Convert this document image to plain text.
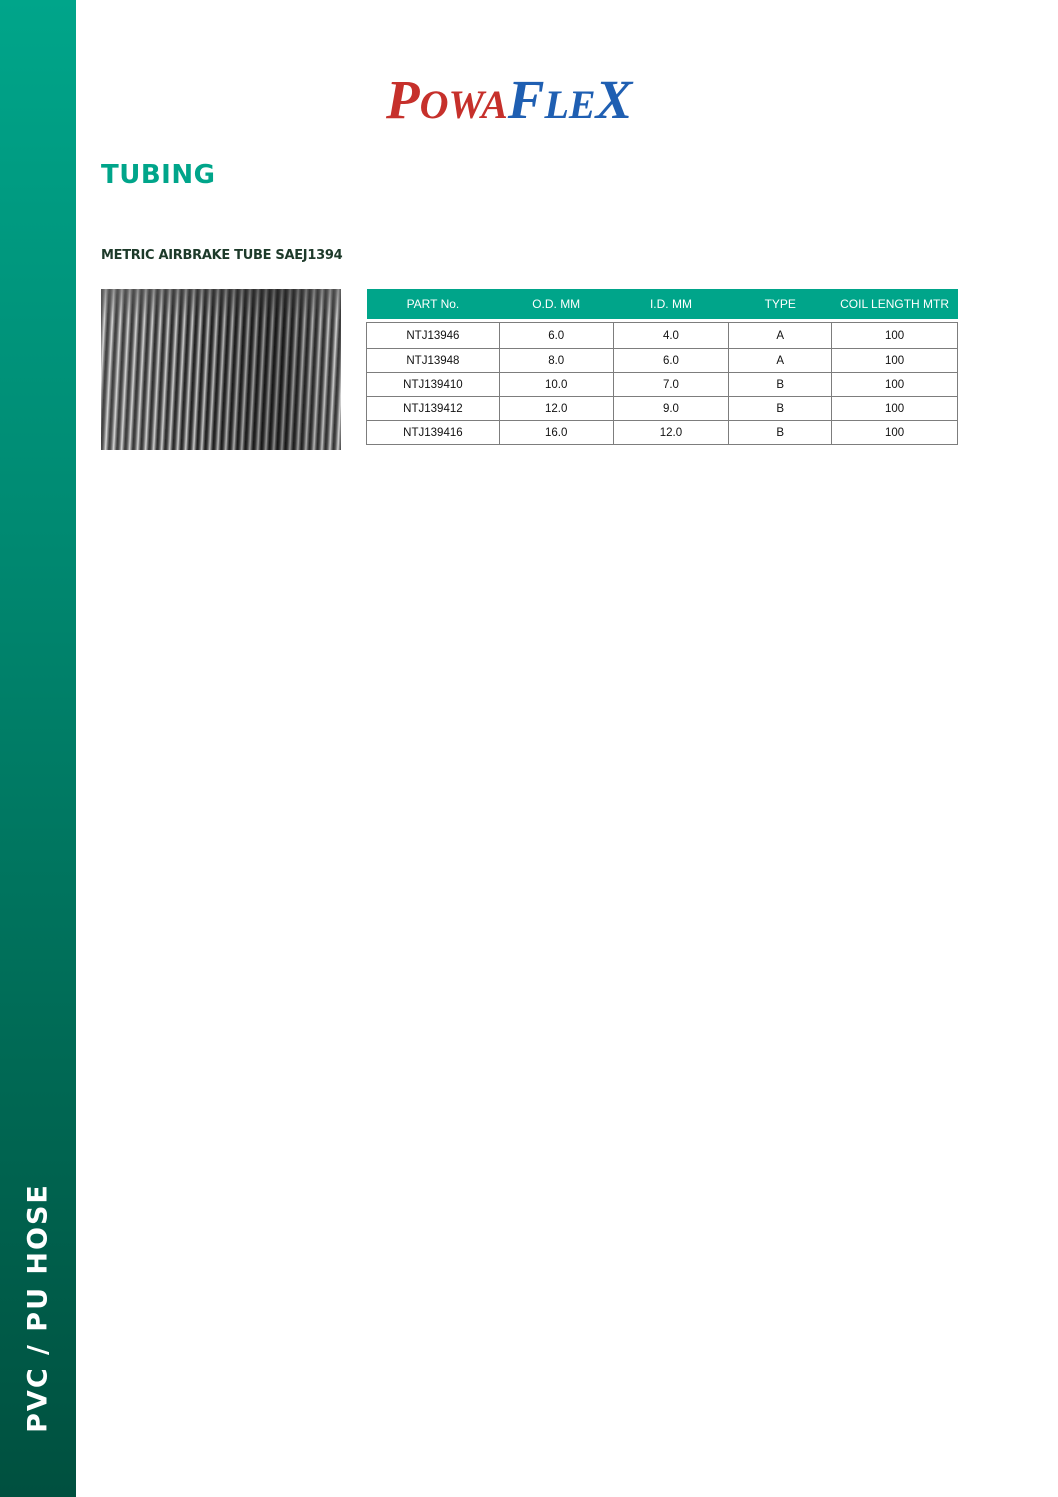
PVC / PU HOSE
POWAFLEX
TUBING
METRIC AIRBRAKE TUBE SAEJ1394
PART No.	O.D. MM	I.D. MM	TYPE	COIL LENGTH MTR

NTJ13946	6.0	4.0	A	100
NTJ13948	8.0	6.0	A	100
NTJ139410	10.0	7.0	B	100
NTJ139412	12.0	9.0	B	100
NTJ139416	16.0	12.0	B	100
